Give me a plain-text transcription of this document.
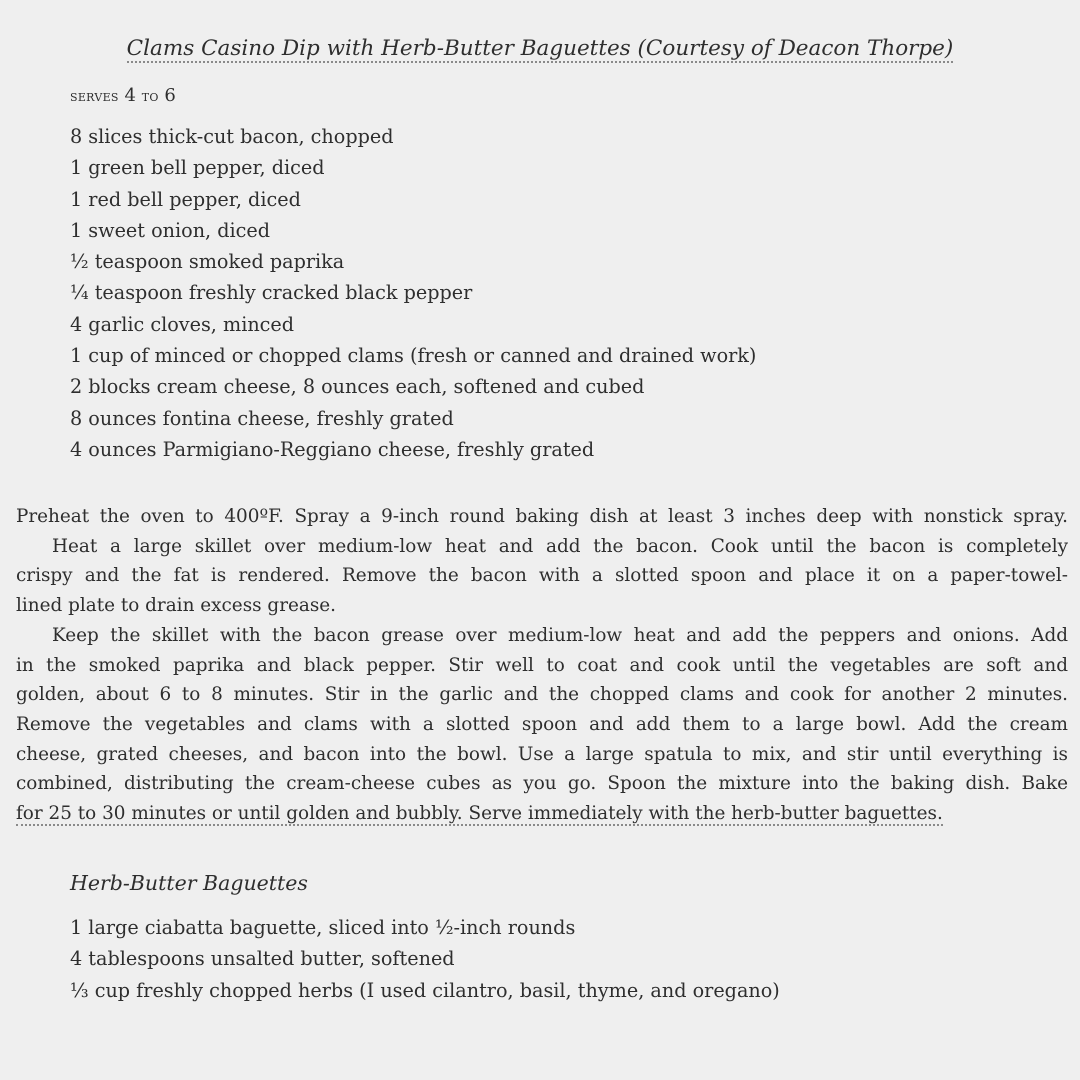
Clams Casino Dip with Herb-Butter Baguettes (Courtesy of Deacon Thorpe)
serves 4 to 6
8 slices thick-cut bacon, chopped
1 green bell pepper, diced
1 red bell pepper, diced
1 sweet onion, diced
½ teaspoon smoked paprika
¼ teaspoon freshly cracked black pepper
4 garlic cloves, minced
1 cup of minced or chopped clams (fresh or canned and drained work)
2 blocks cream cheese, 8 ounces each, softened and cubed
8 ounces fontina cheese, freshly grated
4 ounces Parmigiano-Reggiano cheese, freshly grated
Preheat the oven to 400ºF. Spray a 9-inch round baking dish at least 3 inches deep with nonstick spray.
Heat a large skillet over medium-low heat and add the bacon. Cook until the bacon is completely
crispy and the fat is rendered. Remove the bacon with a slotted spoon and place it on a paper-towel-
lined plate to drain excess grease.
Keep the skillet with the bacon grease over medium-low heat and add the peppers and onions. Add
in the smoked paprika and black pepper. Stir well to coat and cook until the vegetables are soft and
golden, about 6 to 8 minutes. Stir in the garlic and the chopped clams and cook for another 2 minutes.
Remove the vegetables and clams with a slotted spoon and add them to a large bowl. Add the cream
cheese, grated cheeses, and bacon into the bowl. Use a large spatula to mix, and stir until everything is
combined, distributing the cream-cheese cubes as you go. Spoon the mixture into the baking dish. Bake
for 25 to 30 minutes or until golden and bubbly. Serve immediately with the herb-butter baguettes.
Herb-Butter Baguettes
1 large ciabatta baguette, sliced into ½-inch rounds
4 tablespoons unsalted butter, softened
⅓ cup freshly chopped herbs (I used cilantro, basil, thyme, and oregano)
